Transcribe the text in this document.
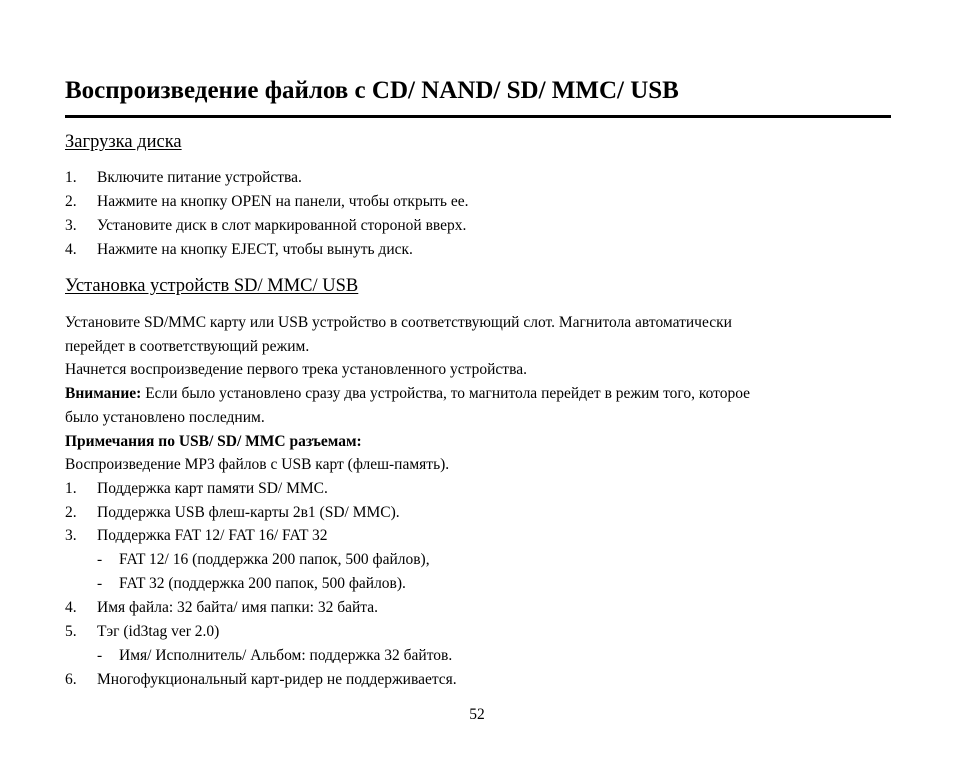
Воспроизведение файлов с CD/ NAND/ SD/ MMC/ USB
Загрузка диска
1. Включите питание устройства.
2. Нажмите на кнопку OPEN на панели, чтобы открыть ее.
3. Установите диск в слот маркированной стороной вверх.
4. Нажмите на кнопку EJECT, чтобы вынуть диск.
Установка устройств SD/ MMC/ USB
Установите SD/MMC карту или USB устройство в соответствующий слот. Магнитола автоматически
перейдет в соответствующий режим.
Начнется воспроизведение первого трека установленного устройства.
Внимание: Если было установлено сразу два устройства, то магнитола перейдет в режим того, которое
было установлено последним.
Примечания по USB/ SD/ MMC разъемам:
Воспроизведение MP3 файлов с USB карт (флеш-память).
1. Поддержка карт памяти SD/ MMC.
2. Поддержка USB флеш-карты 2в1 (SD/ MMC).
3. Поддержка FAT 12/ FAT 16/ FAT 32
- FAT 12/ 16 (поддержка 200 папок, 500 файлов),
- FAT 32 (поддержка 200 папок, 500 файлов).
4. Имя файла: 32 байта/ имя папки: 32 байта.
5. Тэг (id3tag ver 2.0)
- Имя/ Исполнитель/ Альбом: поддержка 32 байтов.
6. Многофукциональный карт-ридер не поддерживается.
52
